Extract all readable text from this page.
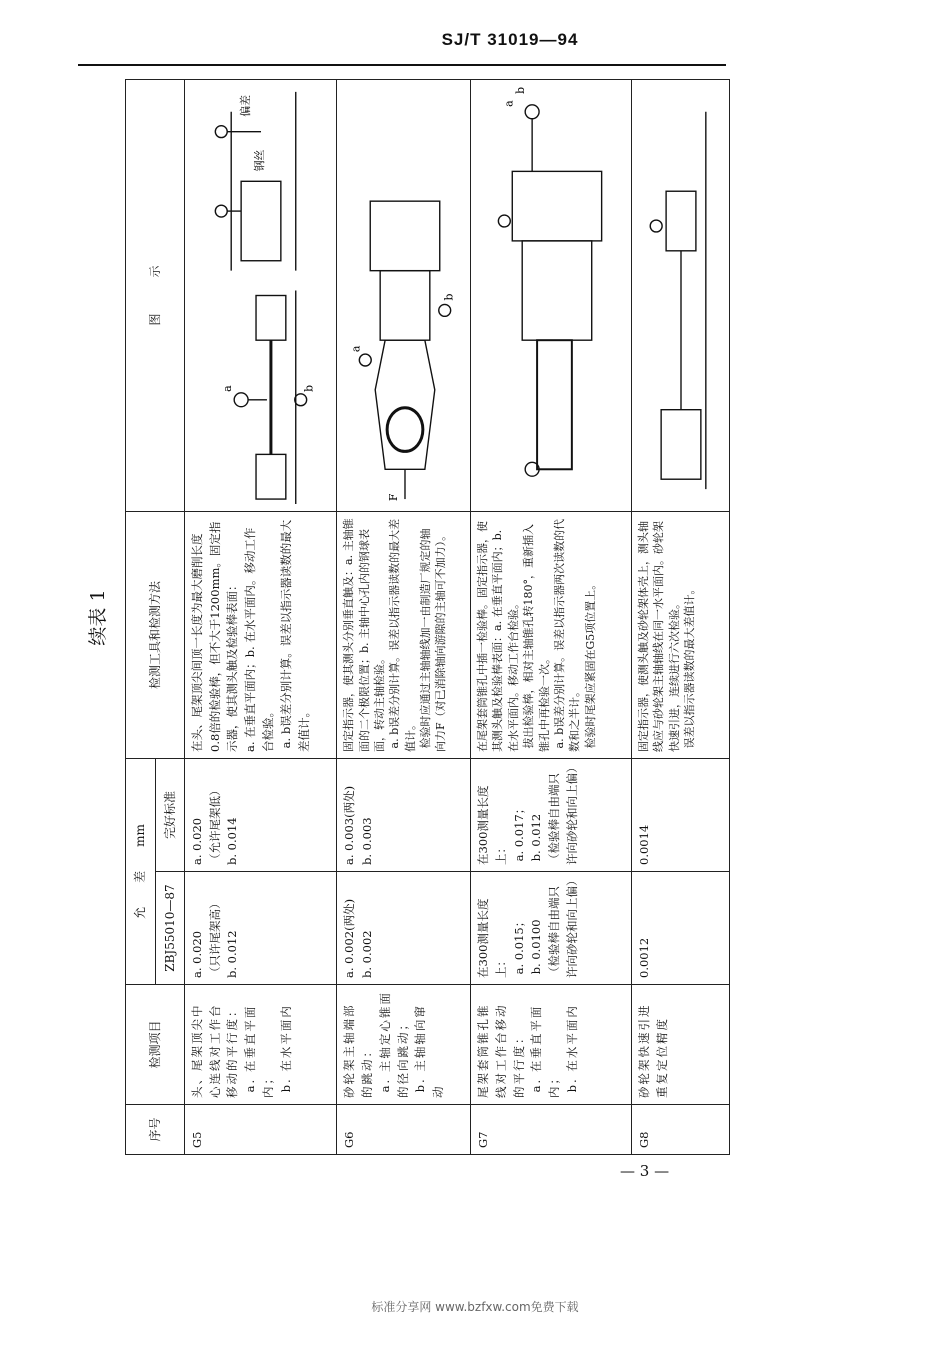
SJ/T 31019—94
续表 1
序号	检测项目	允　　差　　mm		检测工具和检测方法	图　　　示
		ZBJ55010—87	完好标准		
G5	头、尾架顶尖中心连线对工作台移动的平行度：
a. 在垂直平面内；
b. 在水平面内	a. 0.020
（只许尾架高）
b. 0.012	a. 0.020
（允许尾架低）
b. 0.014	在头、尾架顶尖间顶一长度为最大磨削长度0.8倍的检验棒，但不大于1200mm。固定指示器，使其测头触及检验棒表面：
a. 在垂直平面内；b. 在水平面内。移动工作台检验。
a. b误差分别计算。误差以指示器读数的最大差值计。	a b
钢丝
偏差

G6	砂轮架主轴端部的跳动：
a. 主轴定心锥面的径向跳动；
b. 主轴轴向窜动	a. 0.002(两处)
b. 0.002	a. 0.003(两处)
b. 0.003	固定指示器，使其测头分别垂直触及：a. 主轴锥面的二个极限位置；b. 主轴中心孔内的钢球表面，转动主轴检验。
a. b误差分别计算。误差以指示器读数的最大差值计。
检验时应通过主轴轴线加一由制造厂规定的轴向力F（对已消除轴向游隙的主轴可不加力）。	F
a
b

G7	尾架套筒锥孔锥线对工作台移动的平行度：
a. 在垂直平面内；
b. 在水平面内	在300测量长度上：
a. 0.015；
b. 0.0100
（检验棒自由端只许向砂轮和向上偏）	在300测量长度上：
a. 0.017；
b. 0.012
（检验棒自由端只许向砂轮和向上偏）	在尾架套筒锥孔中插一检验棒。固定指示器，使其测头触及检验棒表面：a. 在垂直平面内；b. 在水平面内。移动工作台检验。
拔出检验棒，相对主轴锥孔转180°，重新插入锥孔中再检验一次。
a. b误差分别计算。误差以指示器两次读数的代数和之半计。
检验时尾架应紧固在G5项位置上。	a
b

G8	砂轮架快速引进重复定位精度	0.0012	0.0014	固定指示器，使测头触及砂轮架体壳上，测头轴线应与砂轮架主轴轴线在同一水平面内。砂轮架快速引进，连续进行六次检验。
误差以指示器读数的最大差值计。	
— 3 —
标准分享网 www.bzfxw.com免费下载
